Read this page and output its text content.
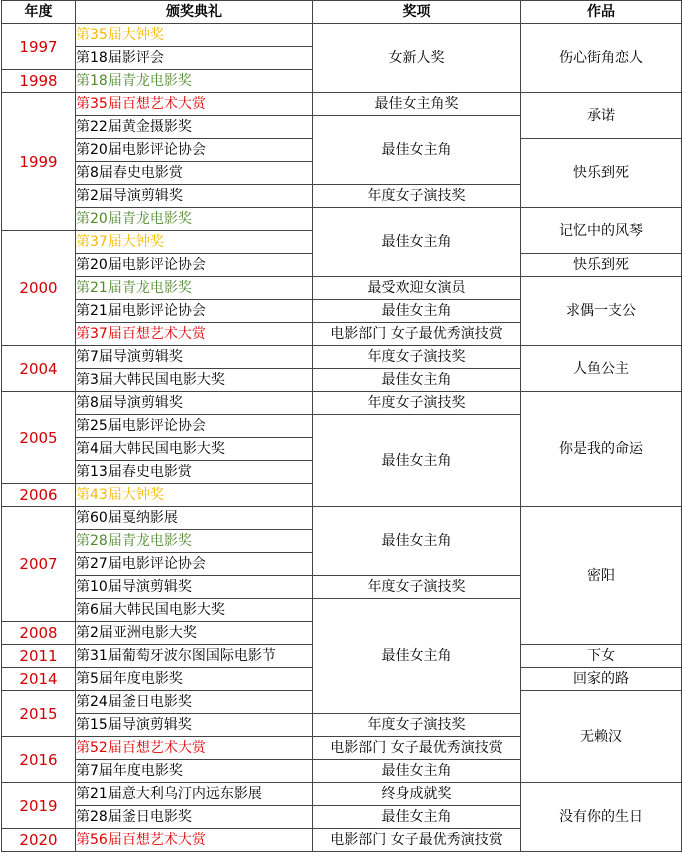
年度	颁奖典礼	奖项	作品
1997	第35届大钟奖	女新人奖	伤心街角恋人
	第18届影评会		
1998	第18届青龙电影奖		
1999	第35届百想艺术大赏	最佳女主角奖	承诺
	第22届黄金摄影奖	最佳女主角	
	第20届电影评论协会		快乐到死
	第8届春史电影赏		
	第2届导演剪辑奖	年度女子演技奖	
	第20届青龙电影奖	最佳女主角	记忆中的风琴
2000	第37届大钟奖		
	第20届电影评论协会		快乐到死
	第21届青龙电影奖	最受欢迎女演员	求偶一支公
	第21届电影评论协会	最佳女主角	
	第37届百想艺术大赏	电影部门 女子最优秀演技赏	
2004	第7届导演剪辑奖	年度女子演技奖	人鱼公主
	第3届大韩民国电影大奖	最佳女主角	
2005	第8届导演剪辑奖	年度女子演技奖	你是我的命运
	第25届电影评论协会	最佳女主角	
	第4届大韩民国电影大奖		
	第13届春史电影赏		
2006	第43届大钟奖		
2007	第60届戛纳影展	最佳女主角	密阳
	第28届青龙电影奖		
	第27届电影评论协会		
	第10届导演剪辑奖	年度女子演技奖	
	第6届大韩民国电影大奖	最佳女主角	
2008	第2届亚洲电影大奖		
2011	第31届葡萄牙波尔图国际电影节		下女
2014	第5届年度电影奖		回家的路
2015	第24届釜日电影奖		无赖汉
	第15届导演剪辑奖	年度女子演技奖	
2016	第52届百想艺术大赏	电影部门 女子最优秀演技赏	
	第7届年度电影奖	最佳女主角	
2019	第21届意大利乌汀内远东影展	终身成就奖	没有你的生日
	第28届釜日电影奖	最佳女主角	
2020	第56届百想艺术大赏	电影部门 女子最优秀演技赏	
